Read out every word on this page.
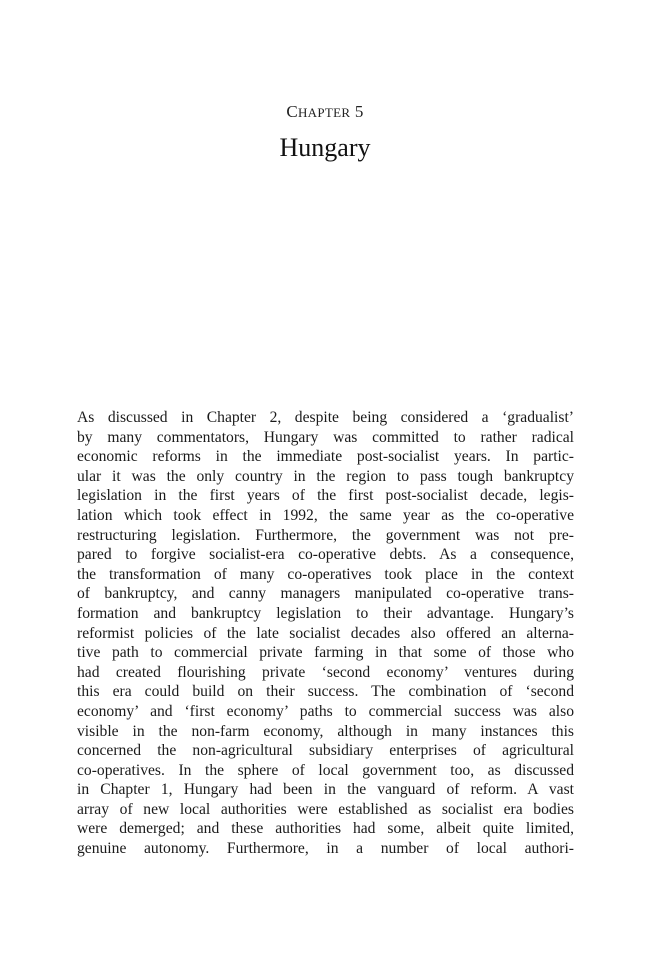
CHAPTER 5
Hungary
As discussed in Chapter 2, despite being considered a ‘gradualist’
by many commentators, Hungary was committed to rather radical
economic reforms in the immediate post-socialist years. In partic-
ular it was the only country in the region to pass tough bankruptcy
legislation in the first years of the first post-socialist decade, legis-
lation which took effect in 1992, the same year as the co-operative
restructuring legislation. Furthermore, the government was not pre-
pared to forgive socialist-era co-operative debts. As a consequence,
the transformation of many co-operatives took place in the context
of bankruptcy, and canny managers manipulated co-operative trans-
formation and bankruptcy legislation to their advantage. Hungary’s
reformist policies of the late socialist decades also offered an alterna-
tive path to commercial private farming in that some of those who
had created flourishing private ‘second economy’ ventures during
this era could build on their success. The combination of ‘second
economy’ and ‘first economy’ paths to commercial success was also
visible in the non-farm economy, although in many instances this
concerned the non-agricultural subsidiary enterprises of agricultural
co-operatives. In the sphere of local government too, as discussed
in Chapter 1, Hungary had been in the vanguard of reform. A vast
array of new local authorities were established as socialist era bodies
were demerged; and these authorities had some, albeit quite limited,
genuine autonomy. Furthermore, in a number of local authori-
